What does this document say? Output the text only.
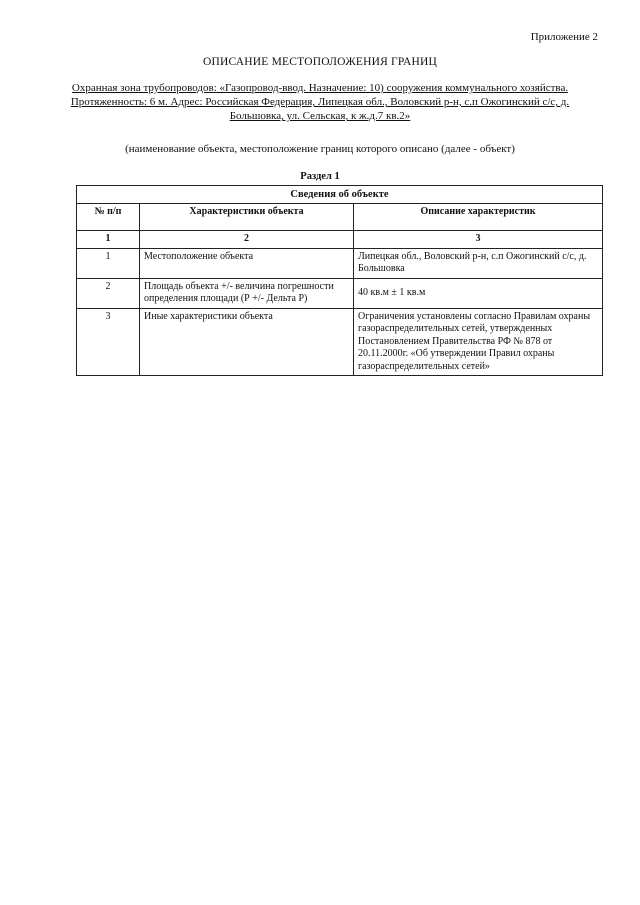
Приложение 2
ОПИСАНИЕ МЕСТОПОЛОЖЕНИЯ ГРАНИЦ
Охранная зона трубопроводов: «Газопровод-ввод. Назначение: 10) сооружения коммунального хозяйства. Протяженность: 6 м. Адрес: Российская Федерация, Липецкая обл., Воловский р-н, с.п Ожогинский с/с, д. Большовка, ул. Сельская, к ж.д.7 кв.2»
(наименование объекта, местоположение границ которого описано (далее - объект)
Раздел 1
Сведения об объекте		
№ п/п	Характеристики объекта	Описание характеристик
1	2	3
1	Местоположение объекта	Липецкая обл., Воловский р-н, с.п Ожогинский с/с, д. Большовка
2	Площадь объекта +/- величина погрешности определения площади (Р +/- Дельта Р)	40 кв.м ± 1 кв.м
3	Иные характеристики объекта	Ограничения установлены согласно Правилам охраны газораспределительных сетей, утвержденных Постановлением Правительства РФ № 878 от 20.11.2000г. «Об утверждении Правил охраны газораспределительных сетей»
